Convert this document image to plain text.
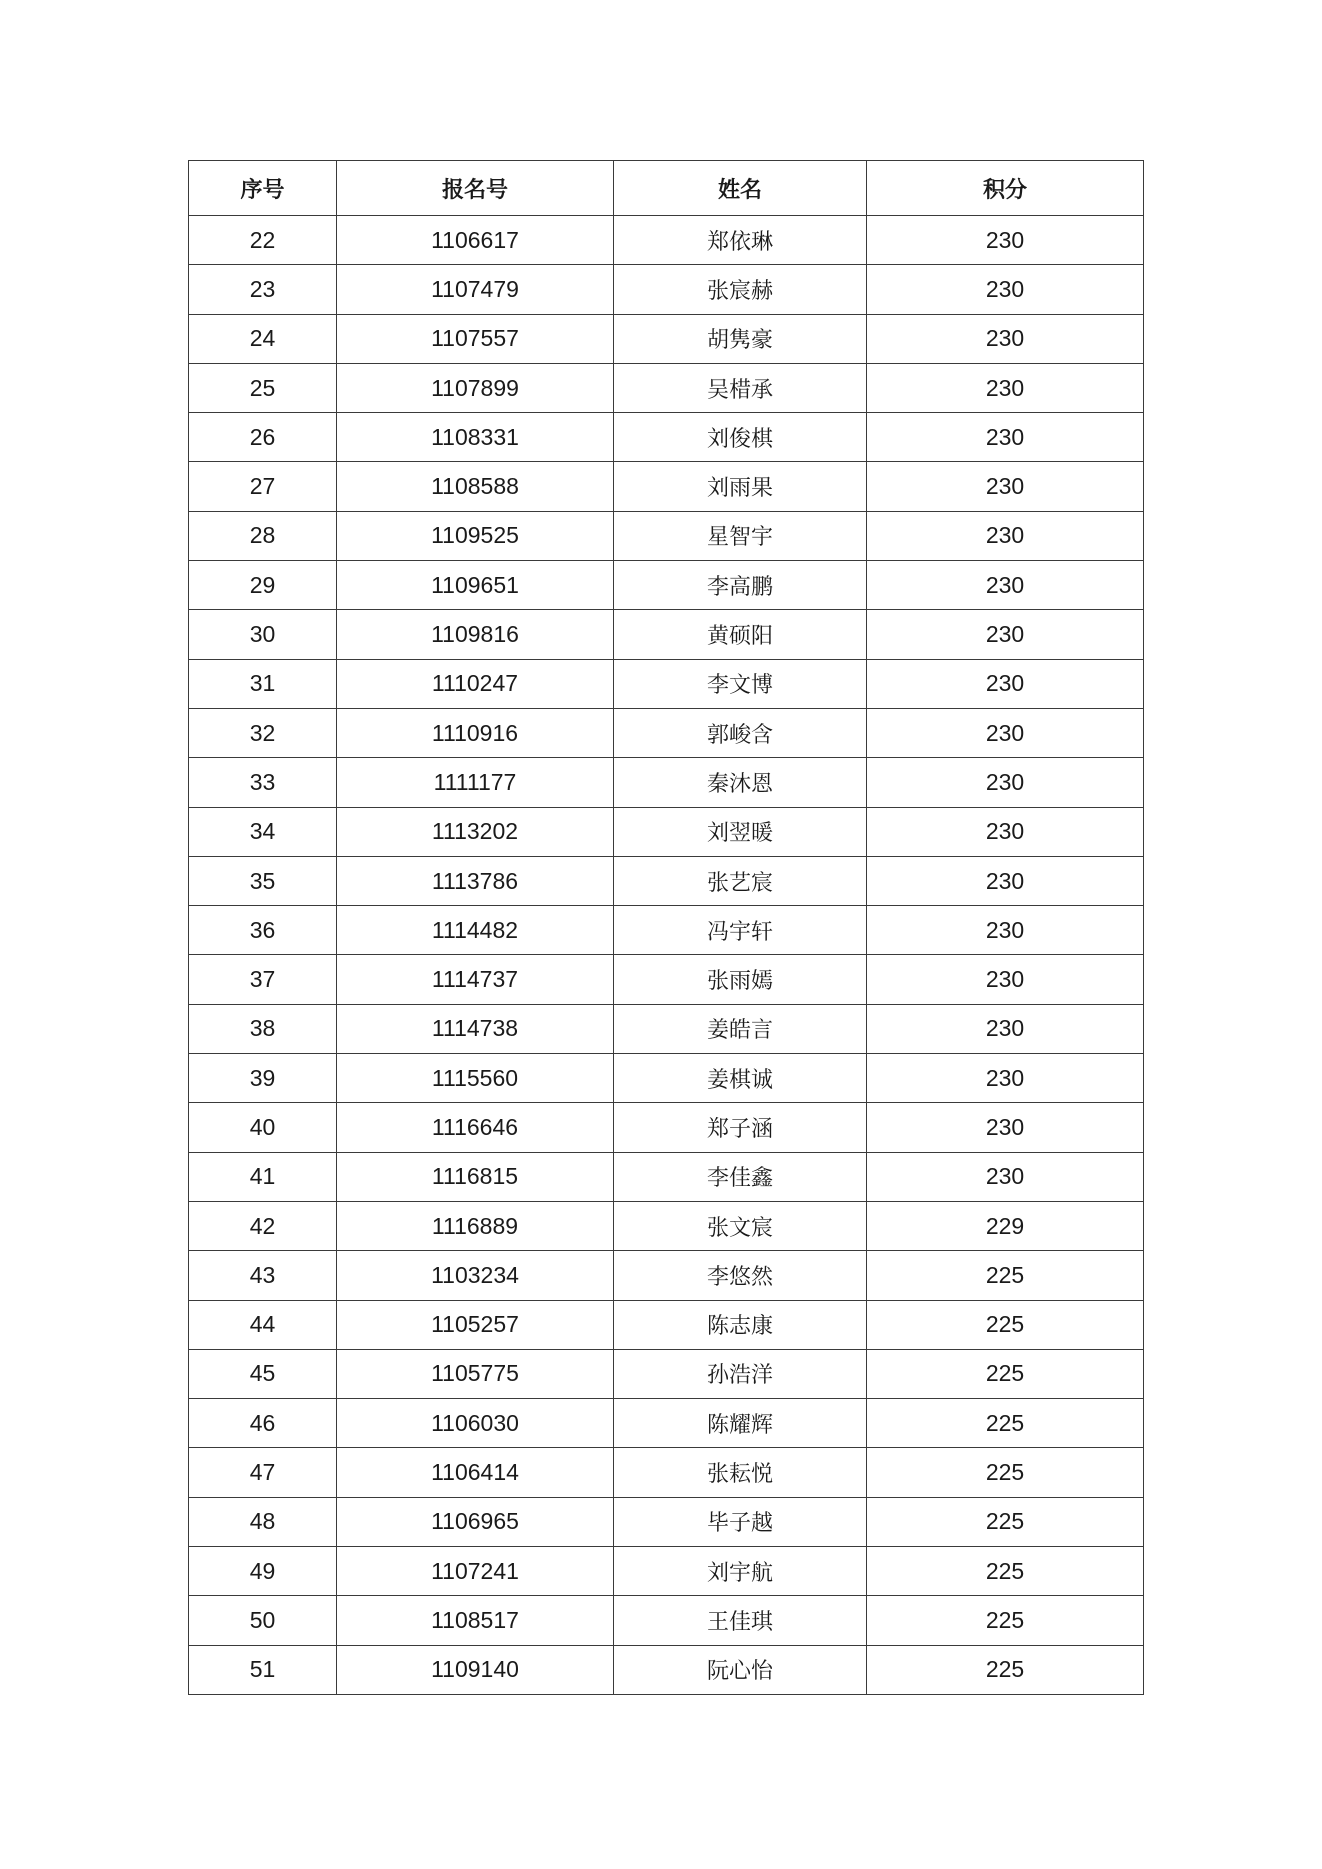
序号	报名号	姓名	积分
22	1106617	郑依琳	230
23	1107479	张宸赫	230
24	1107557	胡隽豪	230
25	1107899	吴棤承	230
26	1108331	刘俊棋	230
27	1108588	刘雨果	230
28	1109525	星智宇	230
29	1109651	李高鹏	230
30	1109816	黄硕阳	230
31	1110247	李文博	230
32	1110916	郭峻含	230
33	1111177	秦沐恩	230
34	1113202	刘翌暖	230
35	1113786	张艺宸	230
36	1114482	冯宇轩	230
37	1114737	张雨嫣	230
38	1114738	姜皓言	230
39	1115560	姜棋诚	230
40	1116646	郑子涵	230
41	1116815	李佳鑫	230
42	1116889	张文宸	229
43	1103234	李悠然	225
44	1105257	陈志康	225
45	1105775	孙浩洋	225
46	1106030	陈耀辉	225
47	1106414	张耘悦	225
48	1106965	毕子越	225
49	1107241	刘宇航	225
50	1108517	王佳琪	225
51	1109140	阮心怡	225
